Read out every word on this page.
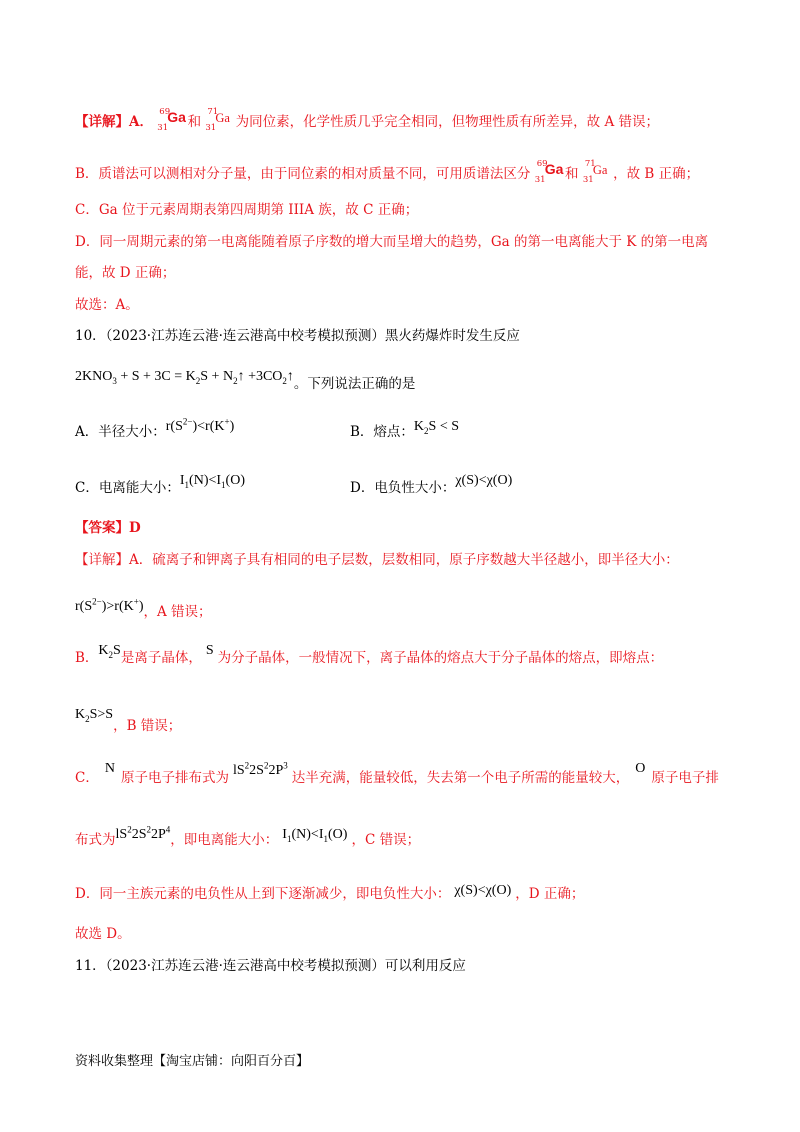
【详解】A．
69
31
Ga 和
71
31
Ga 为同位素，化学性质几乎完全相同，但物理性质有所差异，故 A 错误；
B．质谱法可以测相对分子量，由于同位素的相对质量不同，可用质谱法区分
69
31
Ga 和
71
31
Ga ，故 B 正确；
C．Ga 位于元素周期表第四周期第 IIIA 族，故 C 正确；
D．同一周期元素的第一电离能随着原子序数的增大而呈增大的趋势，Ga 的第一电离能大于 K 的第一电离
能，故 D 正确；
故选：A。
10．（2023·江苏连云港·连云港高中校考模拟预测）黑火药爆炸时发生反应
$2KNO_3 + S + 3C = K_2S$ + $N_2↑$ $+3CO_2↑$。下列说法正确的是
A．半径大小：$r(S^{2-})<r(K^+)$	B．熔点：$K_2S < S$
C．电离能大小：$I_1(N)<I_1(O)$	D．电负性大小：χ(S)<χ(O)
【答案】D
【详解】A．硫离子和钾离子具有相同的电子层数，层数相同，原子序数越大半径越小，即半径大小：
$r(S^{2-})>r(K^+)$，A 错误；
B．$K_2S$是离子晶体， S 为分子晶体，一般情况下，离子晶体的熔点大于分子晶体的熔点，即熔点：
$K_2S>S$，B 错误；
C．N原子电子排布式为 $lS^22S^22P^3$达半充满，能量较低，失去第一个电子所需的能量较大，O原子电子排
布式为$lS^22S^22P^4$，即电离能大小： $I_1(N)<I_1(O)$ ，C 错误；
D．同一主族元素的电负性从上到下逐渐减少，即电负性大小： χ(S)<χ(O) ，D 正确；
故选 D。
11．（2023·江苏连云港·连云港高中校考模拟预测）可以利用反应
资料收集整理【淘宝店铺：向阳百分百】
